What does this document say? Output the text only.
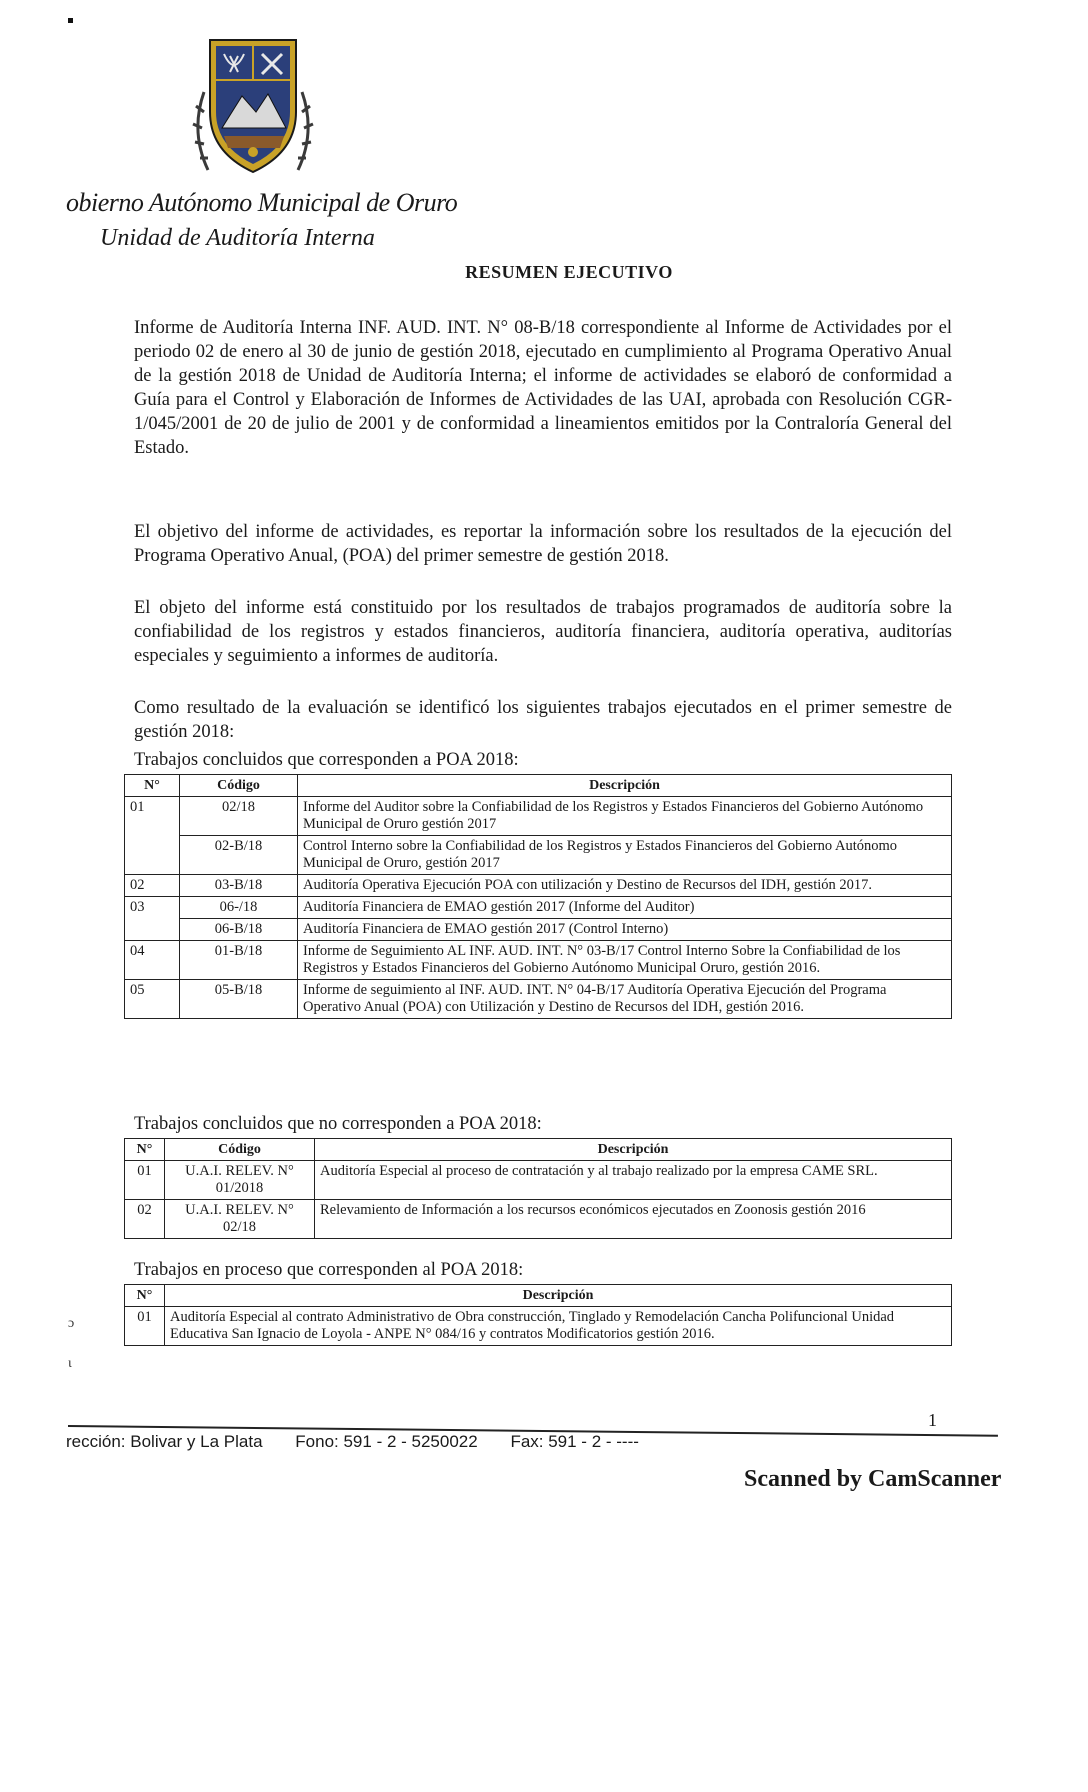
obierno Autónomo Municipal de Oruro
Unidad de Auditoría Interna
RESUMEN EJECUTIVO

Informe de Auditoría Interna INF. AUD. INT. N° 08-B/18 correspondiente al Informe de Actividades por el periodo 02 de enero al 30 de junio de gestión 2018, ejecutado en cumplimiento al Programa Operativo Anual de la gestión 2018 de Unidad de Auditoría Interna; el informe de actividades se elaboró de conformidad a Guía para el Control y Elaboración de Informes de Actividades de las UAI, aprobada con Resolución CGR-1/045/2001 de 20 de julio de 2001 y de conformidad a lineamientos emitidos por la Contraloría General del Estado.

El objetivo del informe de actividades, es reportar la información sobre los resultados de la ejecución del Programa Operativo Anual, (POA) del primer semestre de gestión 2018.

El objeto del informe está constituido por los resultados de trabajos programados de auditoría sobre la confiabilidad de los registros y estados financieros, auditoría financiera, auditoría operativa, auditorías especiales y seguimiento a informes de auditoría.

Como resultado de la evaluación se identificó los siguientes trabajos ejecutados en el primer semestre de gestión 2018:

Trabajos concluidos que corresponden a POA 2018:
N°	Código	Descripción
01	02/18	Informe del Auditor sobre la Confiabilidad de los Registros y Estados Financieros del Gobierno Autónomo Municipal de Oruro gestión 2017
	02-B/18	Control Interno sobre la Confiabilidad de los Registros y Estados Financieros del Gobierno Autónomo Municipal de Oruro, gestión 2017
02	03-B/18	Auditoría Operativa Ejecución POA con utilización y Destino de Recursos del IDH, gestión 2017.
03	06-/18	Auditoría Financiera de EMAO gestión 2017 (Informe del Auditor)
	06-B/18	Auditoría Financiera de EMAO gestión 2017 (Control Interno)
04	01-B/18	Informe de Seguimiento AL INF. AUD. INT. N° 03-B/17 Control Interno Sobre la Confiabilidad de los Registros y Estados Financieros del Gobierno Autónomo Municipal Oruro, gestión 2016.
05	05-B/18	Informe de seguimiento al INF. AUD. INT. N° 04-B/17 Auditoría Operativa Ejecución del Programa Operativo Anual (POA) con Utilización y Destino de Recursos del IDH, gestión 2016.
Trabajos concluidos que no corresponden a POA 2018:
N°	Código	Descripción
01	U.A.I. RELEV. N° 01/2018	Auditoría Especial al proceso de contratación y al trabajo realizado por la empresa CAME SRL.
02	U.A.I. RELEV. N° 02/18	Relevamiento de Información a los recursos económicos ejecutados en Zoonosis gestión 2016
Trabajos en proceso que corresponden al POA 2018:
N°	Descripción
01	Auditoría Especial al contrato Administrativo de Obra construcción, Tinglado y Remodelación Cancha Polifuncional Unidad Educativa San Ignacio de Loyola - ANPE N° 084/16 y contratos Modificatorios gestión 2016.
ɔ
ι
1
rección: Bolivar y La Plata Fono: 591 - 2 - 5250022 Fax: 591 - 2 - ----
Scanned by CamScanner
